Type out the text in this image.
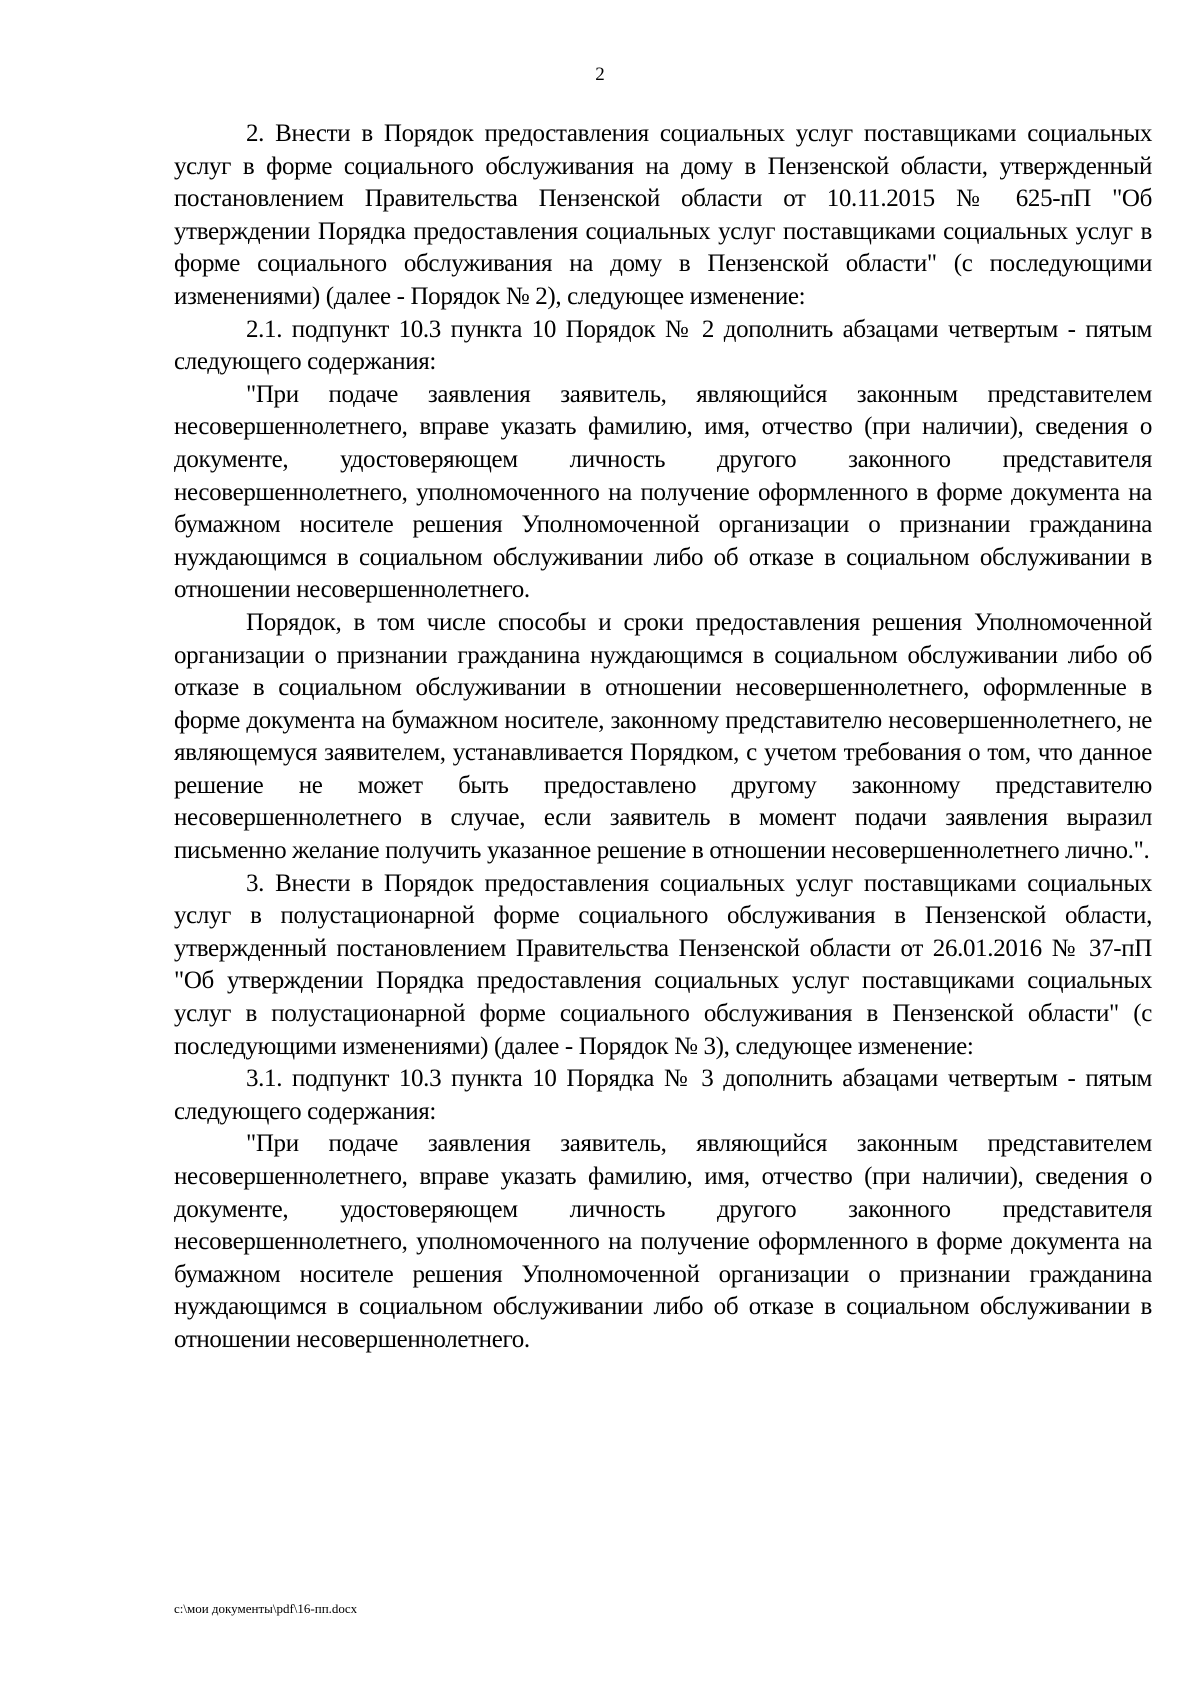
2

2. Внести в Порядок предоставления социальных услуг поставщиками социальных услуг в форме социального обслуживания на дому в Пензенской области, утвержденный постановлением Правительства Пензенской области от 10.11.2015 № 625-пП "Об утверждении Порядка предоставления социальных услуг поставщиками социальных услуг в форме социального обслуживания на дому в Пензенской области" (с последующими изменениями) (далее - Порядок № 2), следующее изменение:

2.1. подпункт 10.3 пункта 10 Порядок № 2 дополнить абзацами четвертым - пятым следующего содержания:

"При подаче заявления заявитель, являющийся законным представителем несовершеннолетнего, вправе указать фамилию, имя, отчество (при наличии), сведения о документе, удостоверяющем личность другого законного представителя несовершеннолетнего, уполномоченного на получение оформленного в форме документа на бумажном носителе решения Уполномоченной организации о признании гражданина нуждающимся в социальном обслуживании либо об отказе в социальном обслуживании в отношении несовершеннолетнего.

Порядок, в том числе способы и сроки предоставления решения Уполномоченной организации о признании гражданина нуждающимся в социальном обслуживании либо об отказе в социальном обслуживании в отношении несовершеннолетнего, оформленные в форме документа на бумажном носителе, законному представителю несовершеннолетнего, не являющемуся заявителем, устанавливается Порядком, с учетом требования о том, что данное решение не может быть предоставлено другому законному представителю несовершеннолетнего в случае, если заявитель в момент подачи заявления выразил письменно желание получить указанное решение в отношении несовершеннолетнего лично.".

3. Внести в Порядок предоставления социальных услуг поставщиками социальных услуг в полустационарной форме социального обслуживания в Пензенской области, утвержденный постановлением Правительства Пензенской области от 26.01.2016 № 37-пП "Об утверждении Порядка предоставления социальных услуг поставщиками социальных услуг в полустационарной форме социального обслуживания в Пензенской области" (с последующими изменениями) (далее - Порядок № 3), следующее изменение:

3.1. подпункт 10.3 пункта 10 Порядка № 3 дополнить абзацами четвертым - пятым следующего содержания:

"При подаче заявления заявитель, являющийся законным представителем несовершеннолетнего, вправе указать фамилию, имя, отчество (при наличии), сведения о документе, удостоверяющем личность другого законного представителя несовершеннолетнего, уполномоченного на получение оформленного в форме документа на бумажном носителе решения Уполномоченной организации о признании гражданина нуждающимся в социальном обслуживании либо об отказе в социальном обслуживании в отношении несовершеннолетнего.

c:\мои документы\pdf\16-пп.docx
